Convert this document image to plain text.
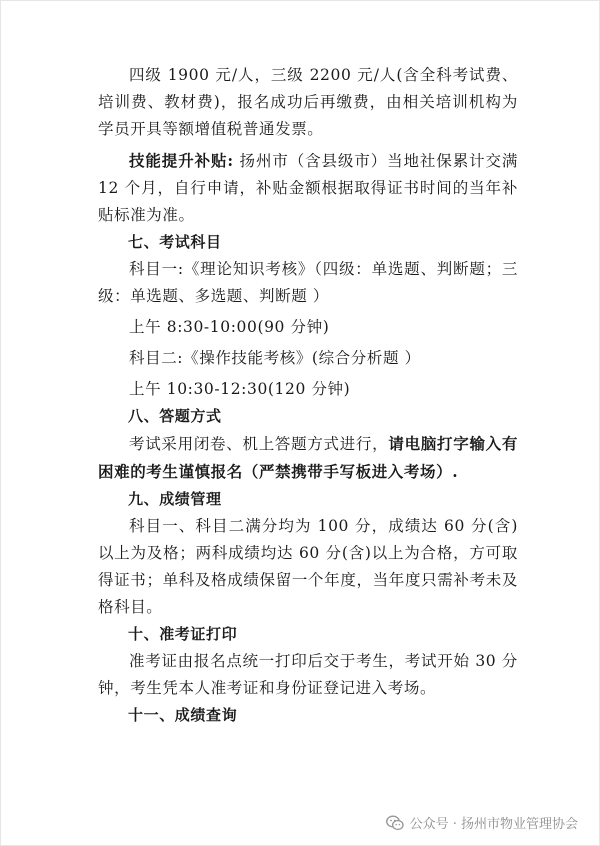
四级 1900 元/人，三级 2200 元/人(含全科考试费、培训费、教材费)，报名成功后再缴费，由相关培训机构为学员开具等额增值税普通发票。

技能提升补贴: 扬州市（含县级市）当地社保累计交满 12 个月，自行申请，补贴金额根据取得证书时间的当年补贴标准为准。

七、考试科目

科目一:《理论知识考核》（四级：单选题、判断题；三级：单选题、多选题、判断题 ）

上午 8:30-10:00(90 分钟)

科目二:《操作技能考核》(综合分析题 ）

上午 10:30-12:30(120 分钟)

八、答题方式

考试采用闭卷、机上答题方式进行，请电脑打字输入有困难的考生谨慎报名（严禁携带手写板进入考场）.

九、成绩管理

科目一、科目二满分均为 100 分，成绩达 60 分(含)以上为及格；两科成绩均达 60 分(含)以上为合格，方可取得证书；单科及格成绩保留一个年度，当年度只需补考未及格科目。

十、准考证打印

准考证由报名点统一打印后交于考生，考试开始 30 分钟，考生凭本人准考证和身份证登记进入考场。

十一、成绩查询

公众号 · 扬州市物业管理协会
